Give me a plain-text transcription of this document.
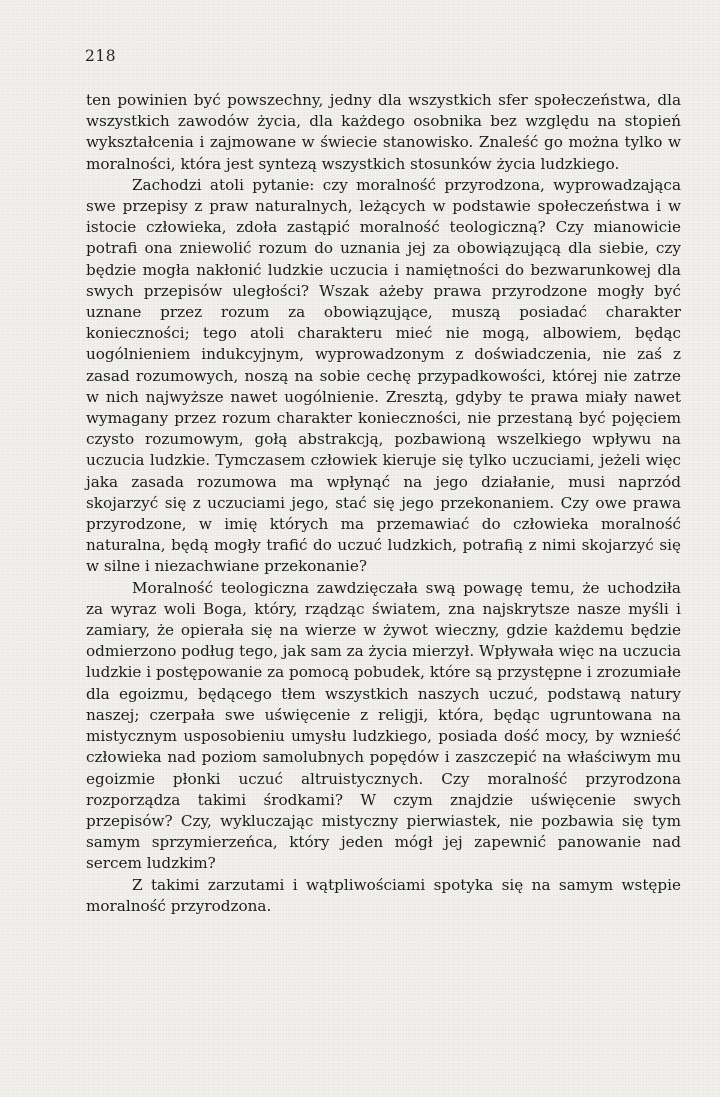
218

ten powinien być powszechny, jedny dla wszystkich sfer społeczeństwa, dla wszystkich zawodów życia, dla każdego osobnika bez względu na stopień wykształcenia i zajmowane w świecie stanowisko. Znaleść go można tylko w moralności, która jest syntezą wszystkich stosunków życia ludzkiego.

Zachodzi atoli pytanie: czy moralność przyrodzona, wyprowadzająca swe przepisy z praw naturalnych, leżących w podstawie społeczeństwa i w istocie człowieka, zdoła zastąpić moralność teologiczną? Czy mianowicie potrafi ona zniewolić rozum do uznania jej za obowiązującą dla siebie, czy będzie mogła nakłonić ludzkie uczucia i namiętności do bezwarunkowej dla swych przepisów uległości? Wszak ażeby prawa przyrodzone mogły być uznane przez rozum za obowiązujące, muszą posiadać charakter konieczności; tego atoli charakteru mieć nie mogą, albowiem, będąc uogólnieniem indukcyjnym, wyprowadzonym z doświadczenia, nie zaś z zasad rozumowych, noszą na sobie cechę przypadkowości, której nie zatrze w nich najwyższe nawet uogólnienie. Zresztą, gdyby te prawa miały nawet wymagany przez rozum charakter konieczności, nie przestaną być pojęciem czysto rozumowym, gołą abstrakcją, pozbawioną wszelkiego wpływu na uczucia ludzkie. Tymczasem człowiek kieruje się tylko uczuciami, jeżeli więc jaka zasada rozumowa ma wpłynąć na jego działanie, musi naprzód skojarzyć się z uczuciami jego, stać się jego przekonaniem. Czy owe prawa przyrodzone, w imię których ma przemawiać do człowieka moralność naturalna, będą mogły trafić do uczuć ludzkich, potrafią z nimi skojarzyć się w silne i niezachwiane przekonanie?

Moralność teologiczna zawdzięczała swą powagę temu, że uchodziła za wyraz woli Boga, który, rządząc światem, zna najskrytsze nasze myśli i zamiary, że opierała się na wierze w żywot wieczny, gdzie każdemu będzie odmierzono podług tego, jak sam za życia mierzył. Wpływała więc na uczucia ludzkie i postępowanie za pomocą pobudek, które są przystępne i zrozumiałe dla egoizmu, będącego tłem wszystkich naszych uczuć, podstawą natury naszej; czerpała swe uświęcenie z religji, która, będąc ugruntowana na mistycznym usposobieniu umysłu ludzkiego, posiada dość mocy, by wznieść człowieka nad poziom samolubnych popędów i zaszczepić na właściwym mu egoizmie płonki uczuć altruistycznych. Czy moralność przyrodzona rozporządza takimi środkami? W czym znajdzie uświęcenie swych przepisów? Czy, wykluczając mistyczny pierwiastek, nie pozbawia się tym samym sprzymierzeńca, który jeden mógł jej zapewnić panowanie nad sercem ludzkim?

Z takimi zarzutami i wątpliwościami spotyka się na samym wstępie moralność przyrodzona.
